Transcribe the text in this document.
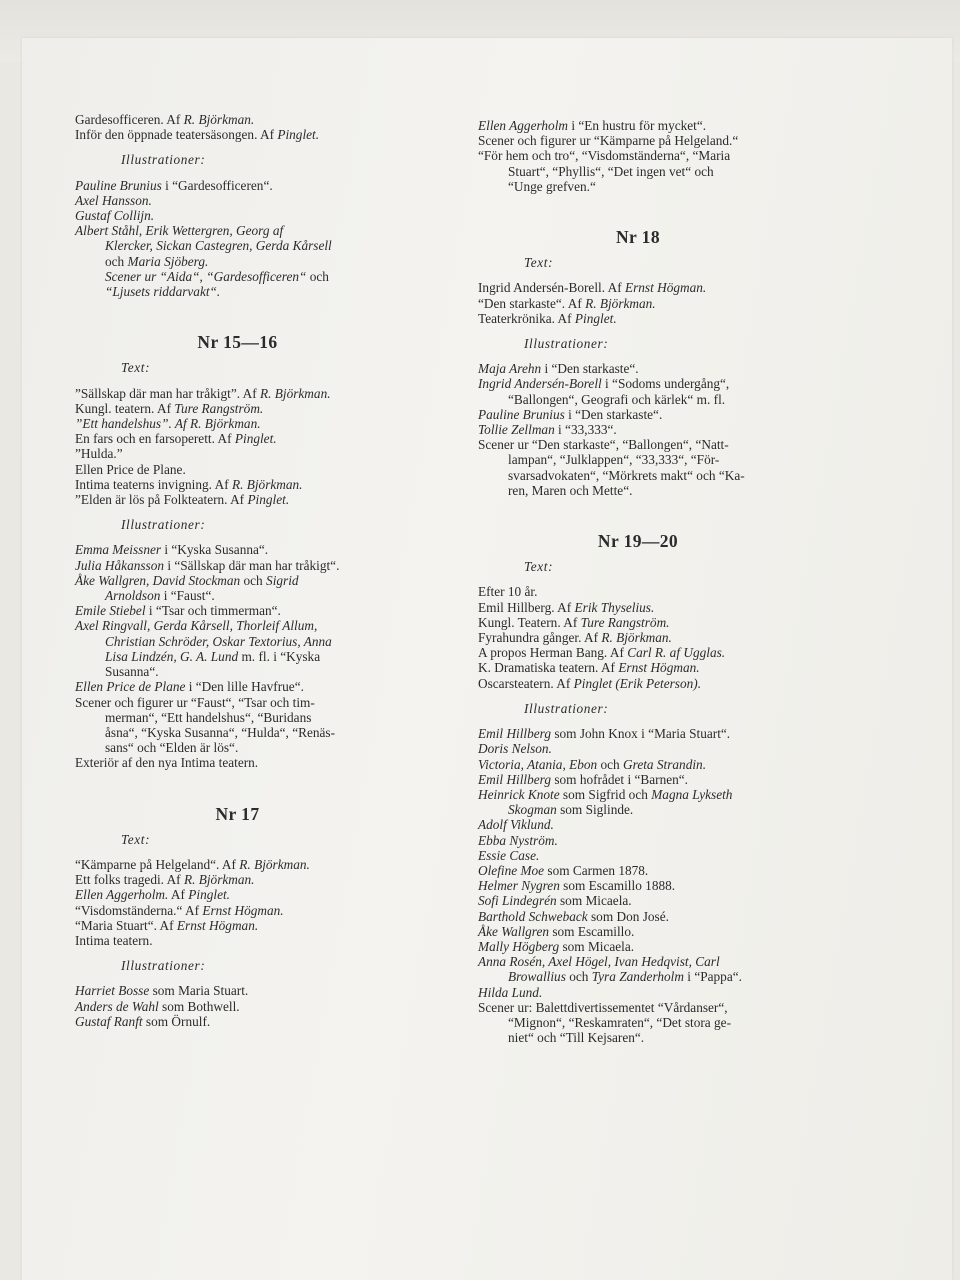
Gardesofficeren. Af R. Björkman.
Inför den öppnade teatersäsongen. Af Pinglet.
Illustrationer:
Pauline Brunius i “Gardesofficeren“.
Axel Hansson.
Gustaf Collijn.
Albert Ståhl, Erik Wettergren, Georg af
Klercker, Sickan Castegren, Gerda Kårsell
och Maria Sjöberg.
Scener ur “Aida“, “Gardesofficeren“ och
“Ljusets riddarvakt“.
Nr 15—16
Text:
”Sällskap där man har tråkigt”. Af R. Björkman.
Kungl. teatern. Af Ture Rangström.
”Ett handelshus”. Af R. Björkman.
En fars och en farsoperett. Af Pinglet.
”Hulda.”
Ellen Price de Plane.
Intima teaterns invigning. Af R. Björkman.
”Elden är lös på Folkteatern. Af Pinglet.
Illustrationer:
Emma Meissner i “Kyska Susanna“.
Julia Håkansson i “Sällskap där man har tråkigt“.
Åke Wallgren, David Stockman och Sigrid
Arnoldson i “Faust“.
Emile Stiebel i “Tsar och timmerman“.
Axel Ringvall, Gerda Kårsell, Thorleif Allum,
Christian Schröder, Oskar Textorius, Anna
Lisa Lindzén, G. A. Lund m. fl. i “Kyska
Susanna“.
Ellen Price de Plane i “Den lille Havfrue“.
Scener och figurer ur “Faust“, “Tsar och tim-
merman“, “Ett handelshus“, “Buridans
åsna“, “Kyska Susanna“, “Hulda“, “Renäs-
sans“ och “Elden är lös“.
Exteriör af den nya Intima teatern.
Nr 17
Text:
“Kämparne på Helgeland“. Af R. Björkman.
Ett folks tragedi. Af R. Björkman.
Ellen Aggerholm. Af Pinglet.
“Visdomständerna.“ Af Ernst Högman.
“Maria Stuart“. Af Ernst Högman.
Intima teatern.
Illustrationer:
Harriet Bosse som Maria Stuart.
Anders de Wahl som Bothwell.
Gustaf Ranft som Örnulf.
Ellen Aggerholm i “En hustru för mycket“.
Scener och figurer ur “Kämparne på Helgeland.“
“För hem och tro“, “Visdomständerna“, “Maria
Stuart“, “Phyllis“, “Det ingen vet“ och
“Unge grefven.“
Nr 18
Text:
Ingrid Andersén-Borell. Af Ernst Högman.
“Den starkaste“. Af R. Björkman.
Teaterkrönika. Af Pinglet.
Illustrationer:
Maja Arehn i “Den starkaste“.
Ingrid Andersén-Borell i “Sodoms undergång“,
“Ballongen“, Geografi och kärlek“ m. fl.
Pauline Brunius i “Den starkaste“.
Tollie Zellman i “33,333“.
Scener ur “Den starkaste“, “Ballongen“, “Natt-
lampan“, “Julklappen“, “33,333“, “För-
svarsadvokaten“, “Mörkrets makt“ och “Ka-
ren, Maren och Mette“.
Nr 19—20
Text:
Efter 10 år.
Emil Hillberg. Af Erik Thyselius.
Kungl. Teatern. Af Ture Rangström.
Fyrahundra gånger. Af R. Björkman.
A propos Herman Bang. Af Carl R. af Ugglas.
K. Dramatiska teatern. Af Ernst Högman.
Oscarsteatern. Af Pinglet (Erik Peterson).
Illustrationer:
Emil Hillberg som John Knox i “Maria Stuart“.
Doris Nelson.
Victoria, Atania, Ebon och Greta Strandin.
Emil Hillberg som hofrådet i “Barnen“.
Heinrick Knote som Sigfrid och Magna Lykseth
Skogman som Siglinde.
Adolf Viklund.
Ebba Nyström.
Essie Case.
Olefine Moe som Carmen 1878.
Helmer Nygren som Escamillo 1888.
Sofi Lindegrén som Micaela.
Barthold Schweback som Don José.
Åke Wallgren som Escamillo.
Mally Högberg som Micaela.
Anna Rosén, Axel Högel, Ivan Hedqvist, Carl
Browallius och Tyra Zanderholm i “Pappa“.
Hilda Lund.
Scener ur: Balettdivertissementet “Vårdanser“,
“Mignon“, “Reskamraten“, “Det stora ge-
niet“ och “Till Kejsaren“.
